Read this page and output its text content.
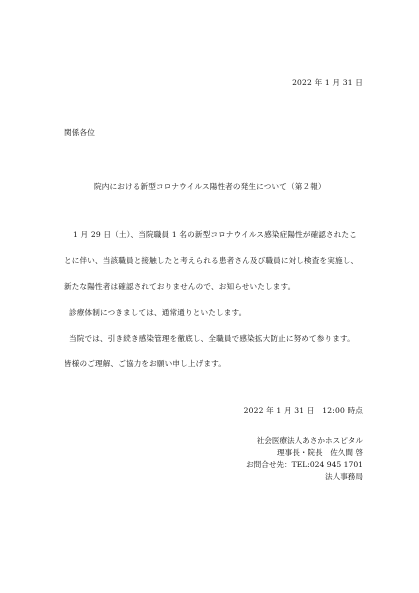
2022 年 1 月 31 日
関係各位
院内における新型コロナウイルス陽性者の発生について（第２報）
1 月 29 日（土）、当院職員 1 名の新型コロナウイルス感染症陽性が確認されたこ
とに伴い、当該職員と接触したと考えられる患者さん及び職員に対し検査を実施し、
新たな陽性者は確認されておりませんので、お知らせいたします。
診療体制につきましては、通常通りといたします。
当院では、引き続き感染管理を徹底し、全職員で感染拡大防止に努めて参ります。
皆様のご理解、ご協力をお願い申し上げます。
2022 年 1 月 31 日　12:00 時点
社会医療法人あさかホスピタル
理事長・院長　佐久間 啓
お問合せ先：TEL:024 945 1701
法人事務局
